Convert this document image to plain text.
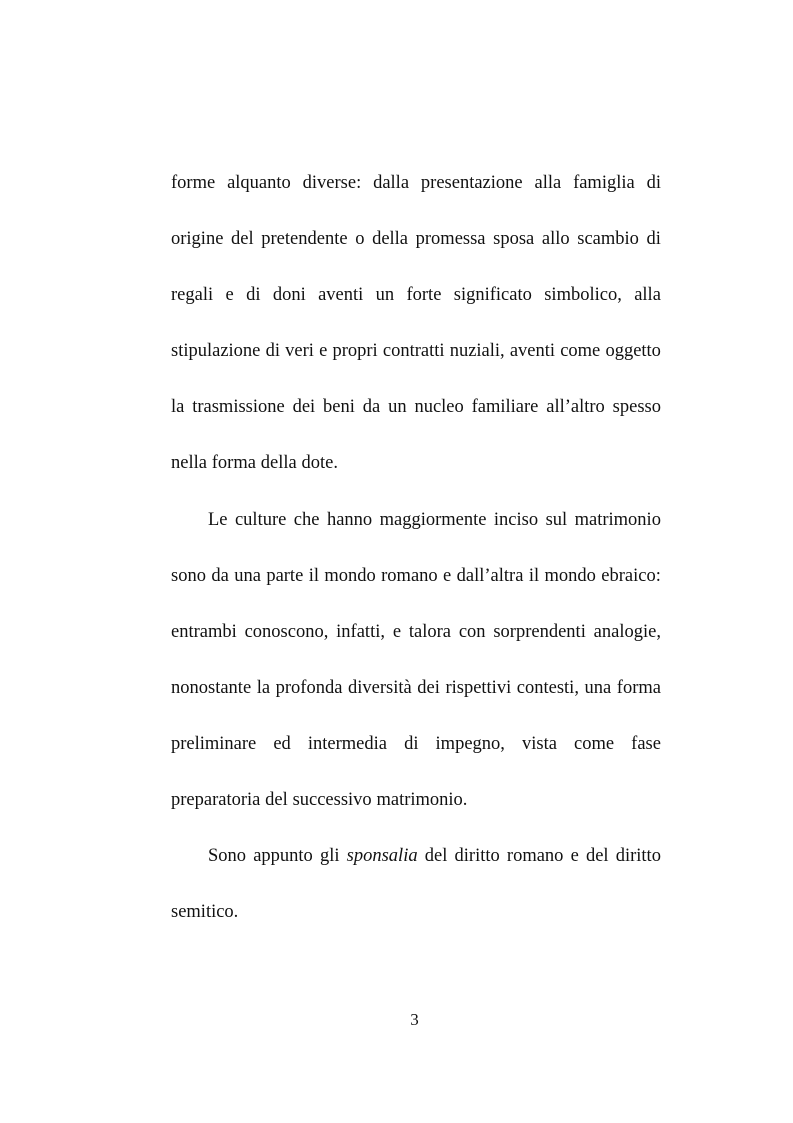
forme alquanto diverse: dalla presentazione alla famiglia di
origine del pretendente o della promessa sposa allo scambio di
regali e di doni aventi un forte significato simbolico, alla
stipulazione di veri e propri contratti nuziali, aventi come oggetto
la trasmissione dei beni da un nucleo familiare all’altro spesso
nella forma della dote.
Le culture che hanno maggiormente inciso sul matrimonio
sono da una parte il mondo romano e dall’altra il mondo ebraico:
entrambi conoscono, infatti, e talora con sorprendenti analogie,
nonostante la profonda diversità dei rispettivi contesti, una forma
preliminare ed intermedia di impegno, vista come fase
preparatoria del successivo matrimonio.
Sono appunto gli sponsalia del diritto romano e del diritto
semitico.
3
